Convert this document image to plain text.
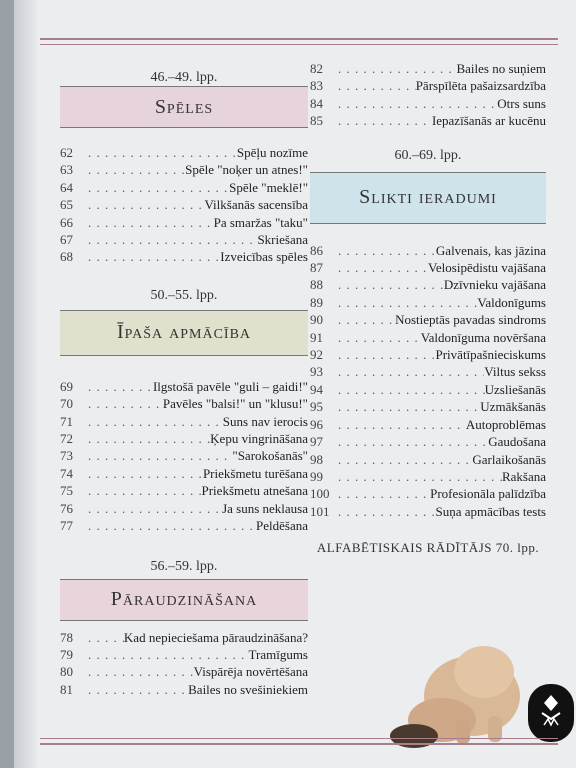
46.–49. lpp.

Spēles
62 . . .	Spēļu nozīme
63 . . .	Spēle "noķer un atnes!"
64 . . .	Spēle "meklē!"
65 . . .	Vilkšanās sacensība
66 . . .	Pa smaržas "taku"
67 . . .	Skriešana
68 . . .	Izveicības spēles

50.–55. lpp.

Īpaša apmācība
69 . . .	Ilgstošā pavēle "guli – gaidi!"
70 . . .	Pavēles "balsi!" un "klusu!"
71 . . .	Suns nav ierocis
72 . . .	Ķepu vingrināšana
73 . . .	"Sarokošanās"
74 . . .	Priekšmetu turēšana
75 . . .	Priekšmetu atnešana
76 . . .	Ja suns neklausa
77 . . .	Peldēšana

56.–59. lpp.

Pāraudzināšana
78 . . .	Kad nepieciešama pāraudzināšana?
79 . . .	Tramīgums
80 . . .	Vispārēja novērtēšana
81 . . .	Bailes no svešiniekiem
82 . . .	Bailes no suņiem
83 . . .	Pārspīlēta pašaizsardzība
84 . . .	Otrs suns
85 . . .	Iepazīšanās ar kucēnu

60.–69. lpp.

Slikti ieradumi
86 . . .	Galvenais, kas jāzina
87 . . .	Velosipēdistu vajāšana
88 . . .	Dzīvnieku vajāšana
89 . . .	Valdonīgums
90 . . .	Nostieptās pavadas sindroms
91 . . .	Valdonīguma novēršana
92 . . .	Privātīpašnieciskums
93 . . .	Viltus sekss
94 . . .	Uzsliešanās
95 . . .	Uzmākšanās
96 . . .	Autoproblēmas
97 . . .	Gaudošana
98 . . .	Garlaikošanās
99 . . .	Rakšana
100 . . .	Profesionāla palīdzība
101 . . .	Suņa apmācības tests
ALFABĒTISKAIS RĀDĪTĀJS 70. lpp.
